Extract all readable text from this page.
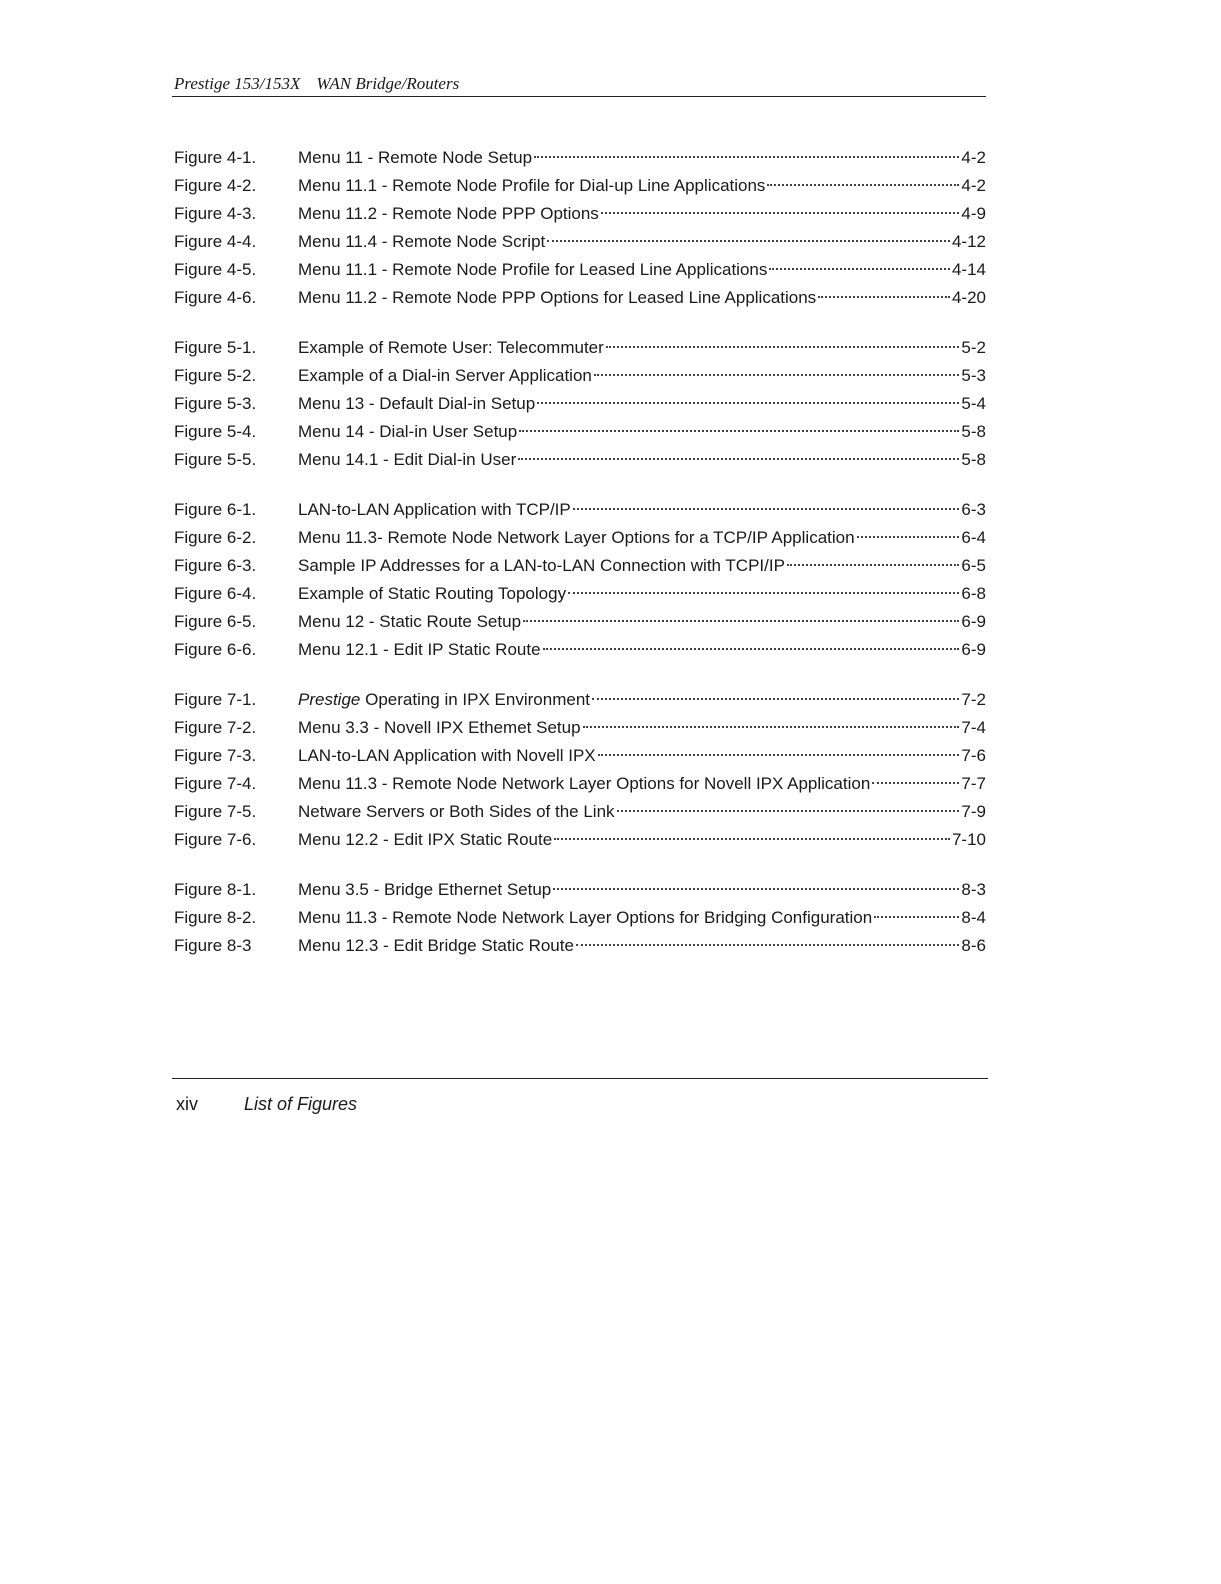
Prestige 153/153X WAN Bridge/Routers
Figure 4-1.	Menu 11 - Remote Node Setup	4-2
Figure 4-2.	Menu 11.1 - Remote Node Profile for Dial-up Line Applications	4-2
Figure 4-3.	Menu 11.2 - Remote Node PPP Options	4-9
Figure 4-4.	Menu 11.4 - Remote Node Script	4-12
Figure 4-5.	Menu 11.1 - Remote Node Profile for Leased Line Applications	4-14
Figure 4-6.	Menu 11.2 - Remote Node PPP Options for Leased Line Applications	4-20
Figure 5-1.	Example of Remote User: Telecommuter	5-2
Figure 5-2.	Example of a Dial-in Server Application	5-3
Figure 5-3.	Menu 13 - Default Dial-in Setup	5-4
Figure 5-4.	Menu 14 - Dial-in User Setup	5-8
Figure 5-5.	Menu 14.1 - Edit Dial-in User	5-8
Figure 6-1.	LAN-to-LAN Application with TCP/IP	6-3
Figure 6-2.	Menu 11.3- Remote Node Network Layer Options for a TCP/IP Application	6-4
Figure 6-3.	Sample IP Addresses for a LAN-to-LAN Connection with TCPI/IP	6-5
Figure 6-4.	Example of Static Routing Topology	6-8
Figure 6-5.	Menu 12 - Static Route Setup	6-9
Figure 6-6.	Menu 12.1 - Edit IP Static Route	6-9
Figure 7-1.	Prestige Operating in IPX Environment	7-2
Figure 7-2.	Menu 3.3 - Novell IPX Ethemet Setup	7-4
Figure 7-3.	LAN-to-LAN Application with Novell IPX	7-6
Figure 7-4.	Menu 11.3 - Remote Node Network Layer Options for Novell IPX Application	7-7
Figure 7-5.	Netware Servers or Both Sides of the Link	7-9
Figure 7-6.	Menu 12.2 - Edit IPX Static Route	7-10
Figure 8-1.	Menu 3.5 - Bridge Ethernet Setup	8-3
Figure 8-2.	Menu 11.3 - Remote Node Network Layer Options for Bridging Configuration	8-4
Figure 8-3	Menu 12.3 - Edit Bridge Static Route	8-6
xiv	List of Figures
